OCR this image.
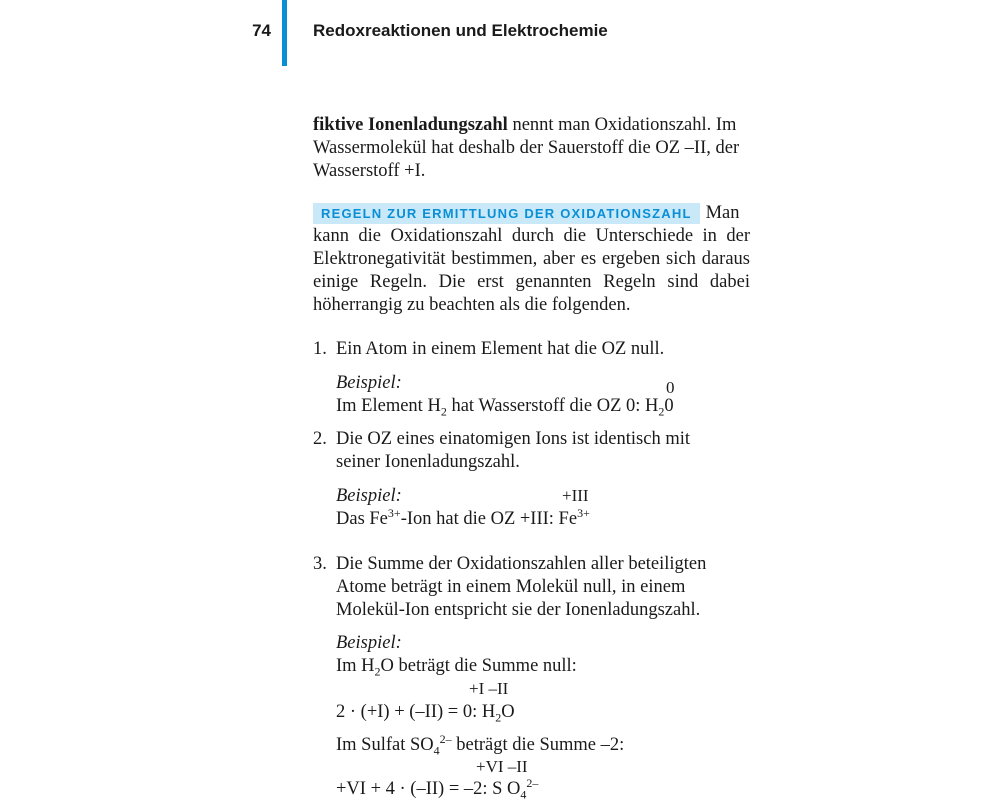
74 Redoxreaktionen und Elektrochemie
fiktive Ionenladungszahl nennt man Oxidationszahl. Im Wassermolekül hat deshalb der Sauerstoff die OZ –II, der Wasserstoff +I.
REGELN ZUR ERMITTLUNG DER OXIDATIONSZAHL Man kann die Oxidationszahl durch die Unterschiede in der Elektronegativität bestimmen, aber es ergeben sich daraus einige Regeln. Die erst genannten Regeln sind dabei höherrangig zu beachten als die folgenden.
1. Ein Atom in einem Element hat die OZ null.
Beispiel:	0
Im Element $H_2$ hat Wasserstoff die OZ 0: $H_20$
2. Die OZ eines einatomigen Ions ist identisch mit
seiner Ionenladungszahl.
Beispiel:	+III
Das $Fe^{3+}$-Ion hat die OZ +III: $Fe^{3+}$
3. Die Summe der Oxidationszahlen aller beteiligten
Atome beträgt in einem Molekül null, in einem
Molekül-Ion entspricht sie der Ionenladungszahl.
Beispiel:
Im $H_2O$ beträgt die Summe null:
+I –II
2 · (+I) + (–II) = 0: $H_2O$
Im Sulfat $SO_4^{2-}$ beträgt die Summe –2:
+VI –II
+VI + 4 · (–II) = –2: S $O_4^{2-}$
